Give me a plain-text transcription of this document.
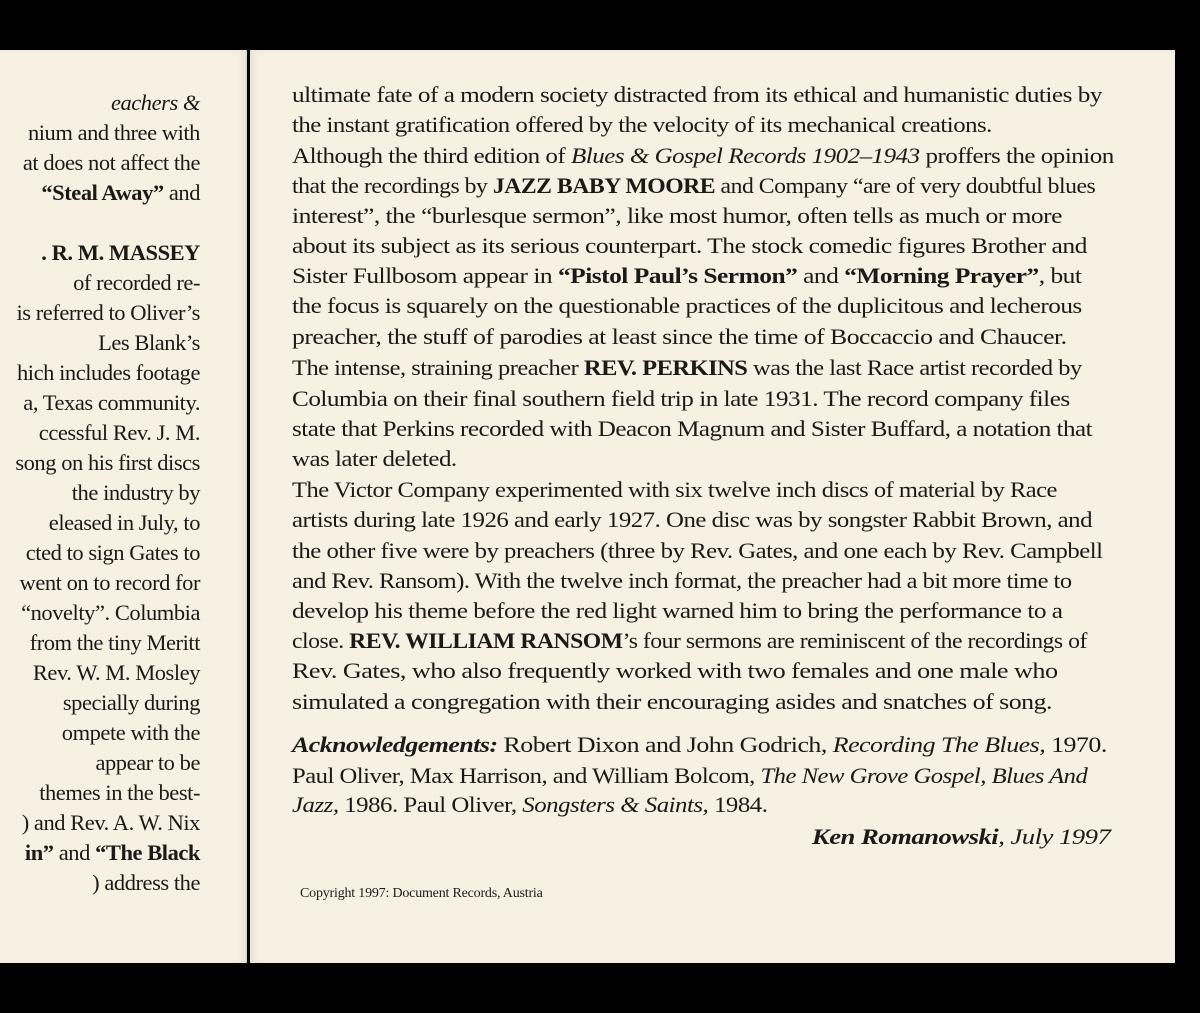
eachers &
nium and three with
at does not affect the
“Steal Away” and
. R. M. MASSEY
of recorded re-
is referred to Oliver’s
Les Blank’s
hich includes footage
a, Texas community.
ccessful Rev. J. M.
song on his first discs
the industry by
eleased in July, to
cted to sign Gates to
went on to record for
“novelty”. Columbia
from the tiny Meritt
Rev. W. M. Mosley
specially during
ompete with the
appear to be
themes in the best-
) and Rev. A. W. Nix
in” and “The Black
) address the	Copyright 1997: Document Records, Austria
ultimate fate of a modern society distracted from its ethical and humanistic duties by
the instant gratification offered by the velocity of its mechanical creations.
Although the third edition of Blues & Gospel Records 1902–1943 proffers the opinion
that the recordings by JAZZ BABY MOORE and Company “are of very doubtful blues
interest”, the “burlesque sermon”, like most humor, often tells as much or more
about its subject as its serious counterpart. The stock comedic figures Brother and
Sister Fullbosom appear in “Pistol Paul’s Sermon” and “Morning Prayer”, but
the focus is squarely on the questionable practices of the duplicitous and lecherous
preacher, the stuff of parodies at least since the time of Boccaccio and Chaucer.
The intense, straining preacher REV. PERKINS was the last Race artist recorded by
Columbia on their final southern field trip in late 1931. The record company files
state that Perkins recorded with Deacon Magnum and Sister Buffard, a notation that
was later deleted.
The Victor Company experimented with six twelve inch discs of material by Race
artists during late 1926 and early 1927. One disc was by songster Rabbit Brown, and
the other five were by preachers (three by Rev. Gates, and one each by Rev. Campbell
and Rev. Ransom). With the twelve inch format, the preacher had a bit more time to
develop his theme before the red light warned him to bring the performance to a
close. REV. WILLIAM RANSOM’s four sermons are reminiscent of the recordings of
Rev. Gates, who also frequently worked with two females and one male who
simulated a congregation with their encouraging asides and snatches of song.
Acknowledgements: Robert Dixon and John Godrich, Recording The Blues, 1970.
Paul Oliver, Max Harrison, and William Bolcom, The New Grove Gospel, Blues And
Jazz, 1986. Paul Oliver, Songsters & Saints, 1984.
Ken Romanowski, July 1997
